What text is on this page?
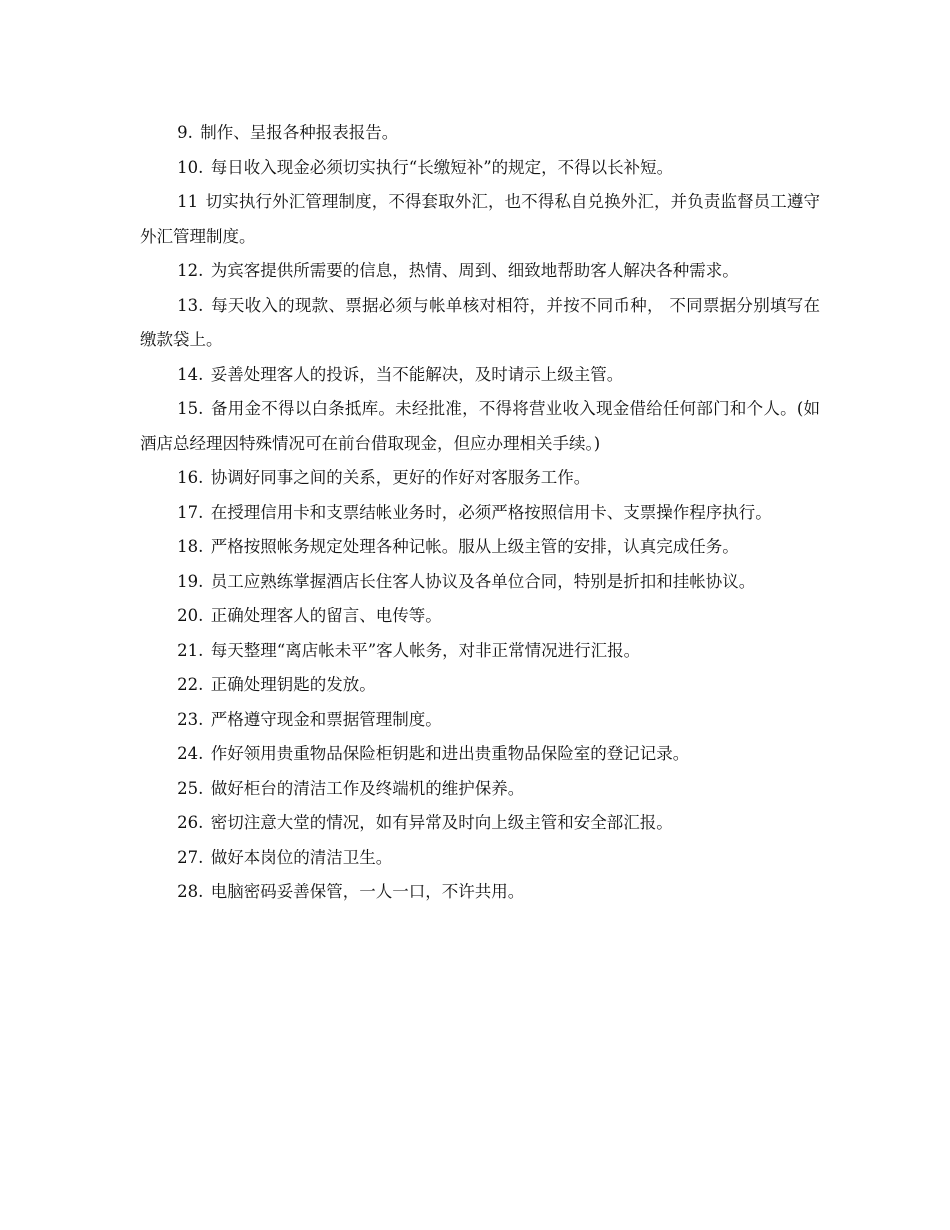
9. 制作、呈报各种报表报告。

10. 每日收入现金必须切实执行“长缴短补”的规定，不得以长补短。

11 切实执行外汇管理制度，不得套取外汇，也不得私自兑换外汇，并负责监督员工遵守外汇管理制度。

12. 为宾客提供所需要的信息，热情、周到、细致地帮助客人解决各种需求。

13. 每天收入的现款、票据必须与帐单核对相符，并按不同币种， 不同票据分别填写在缴款袋上。

14. 妥善处理客人的投诉，当不能解决，及时请示上级主管。

15. 备用金不得以白条抵库。未经批准，不得将营业收入现金借给任何部门和个人。(如酒店总经理因特殊情况可在前台借取现金，但应办理相关手续。)

16. 协调好同事之间的关系，更好的作好对客服务工作。

17. 在授理信用卡和支票结帐业务时，必须严格按照信用卡、支票操作程序执行。

18. 严格按照帐务规定处理各种记帐。服从上级主管的安排，认真完成任务。

19. 员工应熟练掌握酒店长住客人协议及各单位合同，特别是折扣和挂帐协议。

20. 正确处理客人的留言、电传等。

21. 每天整理“离店帐未平”客人帐务，对非正常情况进行汇报。

22. 正确处理钥匙的发放。

23. 严格遵守现金和票据管理制度。

24. 作好领用贵重物品保险柜钥匙和进出贵重物品保险室的登记记录。

25. 做好柜台的清洁工作及终端机的维护保养。

26. 密切注意大堂的情况，如有异常及时向上级主管和安全部汇报。

27. 做好本岗位的清洁卫生。

28. 电脑密码妥善保管，一人一口，不许共用。
